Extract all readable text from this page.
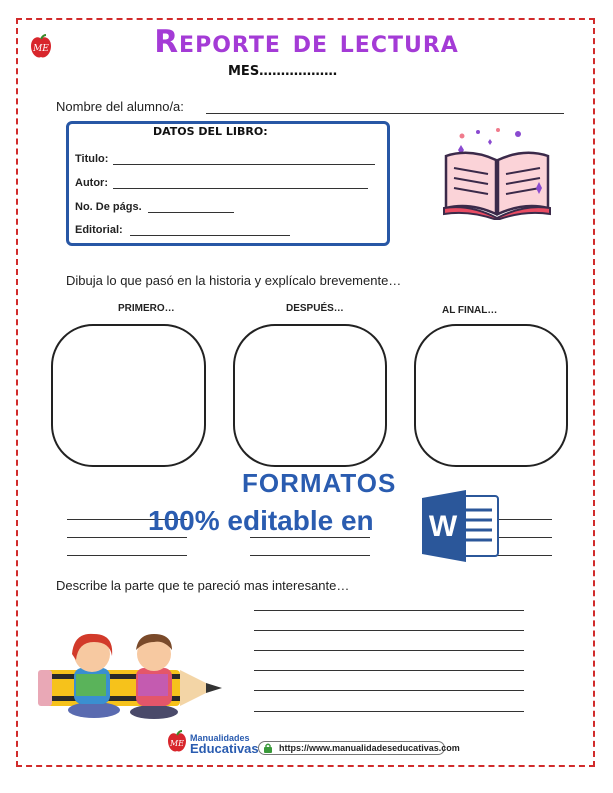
ME	Reporte de lectura
MES………………
Nombre del alumno/a:
DATOS DEL LIBRO:
Titulo:
Autor:
No. De págs.
Editorial:
Dibuja lo que pasó en la historia y explícalo brevemente…
PRIMERO…	DESPUÉS…	AL FINAL…
FORMATOS
100% editable en W
Describe la parte que te pareció mas interesante…
ME
Manualidades
Educativas	https://www.manualidadeseducativas.com
